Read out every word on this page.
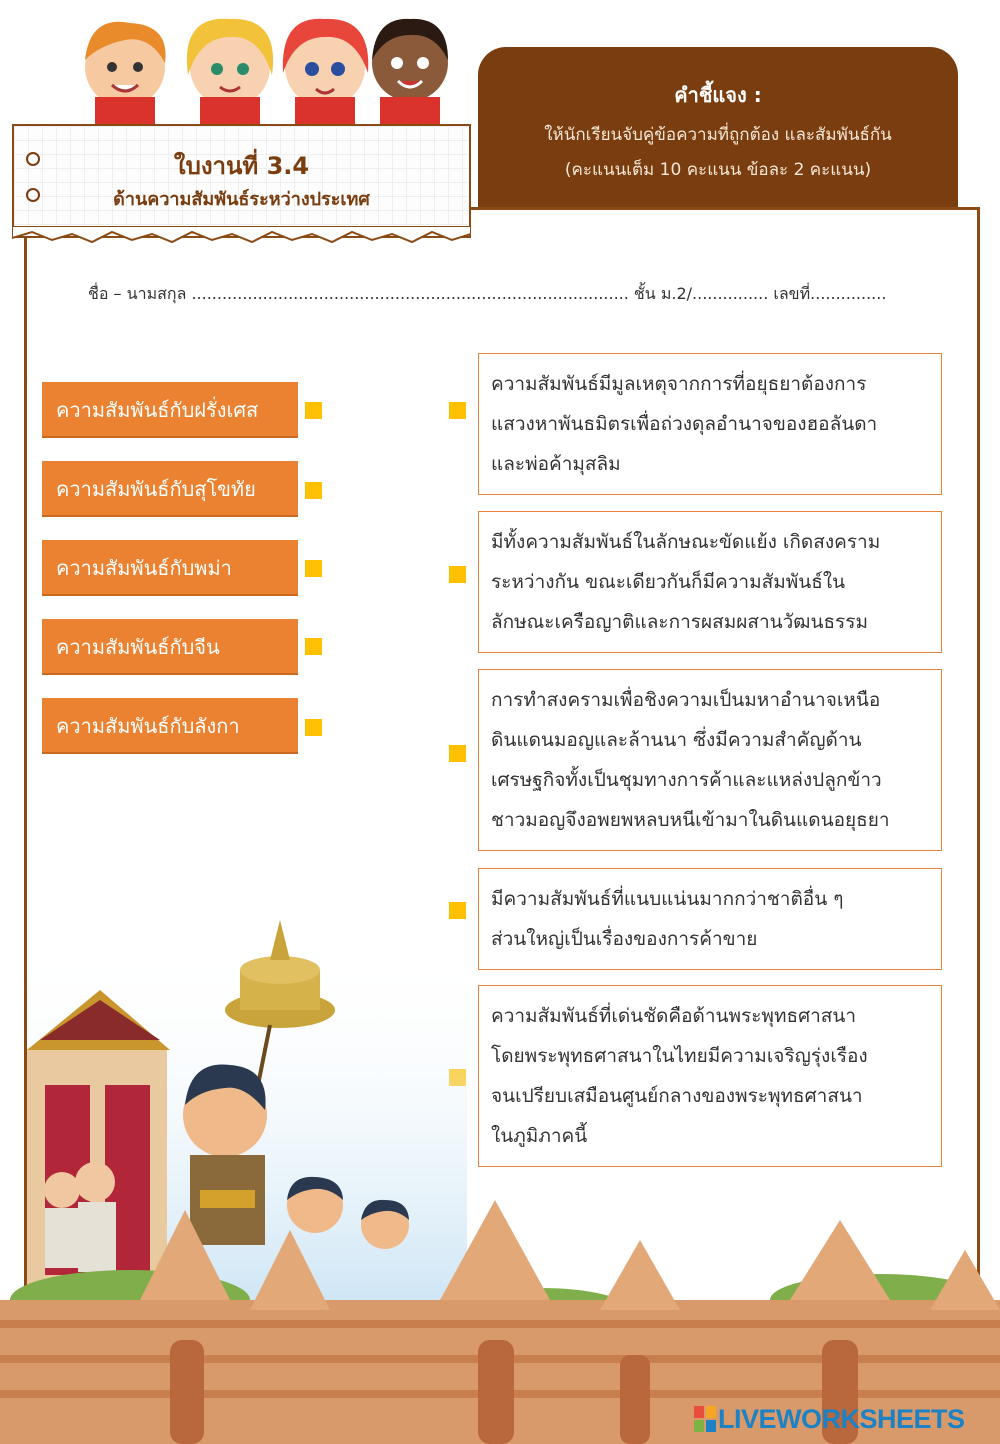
คำชี้แจง :
ให้นักเรียนจับคู่ข้อความที่ถูกต้อง และสัมพันธ์กัน
(คะแนนเต็ม 10 คะแนน ข้อละ 2 คะแนน)
ใบงานที่ 3.4
ด้านความสัมพันธ์ระหว่างประเทศ
ชื่อ – นามสกุล ...................................................................................... ชั้น ม.2/............... เลขที่...............
ความสัมพันธ์กับฝรั่งเศส
ความสัมพันธ์กับสุโขทัย
ความสัมพันธ์กับพม่า
ความสัมพันธ์กับจีน
ความสัมพันธ์กับลังกา
ความสัมพันธ์มีมูลเหตุจากการที่อยุธยาต้องการ
แสวงหาพันธมิตรเพื่อถ่วงดุลอำนาจของฮอลันดา
และพ่อค้ามุสลิม
มีทั้งความสัมพันธ์ในลักษณะขัดแย้ง เกิดสงคราม
ระหว่างกัน ขณะเดียวกันก็มีความสัมพันธ์ใน
ลักษณะเครือญาติและการผสมผสานวัฒนธรรม
การทำสงครามเพื่อชิงความเป็นมหาอำนาจเหนือ
ดินแดนมอญและล้านนา ซึ่งมีความสำคัญด้าน
เศรษฐกิจทั้งเป็นชุมทางการค้าและแหล่งปลูกข้าว
ชาวมอญจึงอพยพหลบหนีเข้ามาในดินแดนอยุธยา
มีความสัมพันธ์ที่แนบแน่นมากกว่าชาติอื่น ๆ
ส่วนใหญ่เป็นเรื่องของการค้าขาย
ความสัมพันธ์ที่เด่นชัดคือด้านพระพุทธศาสนา
โดยพระพุทธศาสนาในไทยมีความเจริญรุ่งเรือง
จนเปรียบเสมือนศูนย์กลางของพระพุทธศาสนา
ในภูมิภาคนี้
LIVEWORKSHEETS
